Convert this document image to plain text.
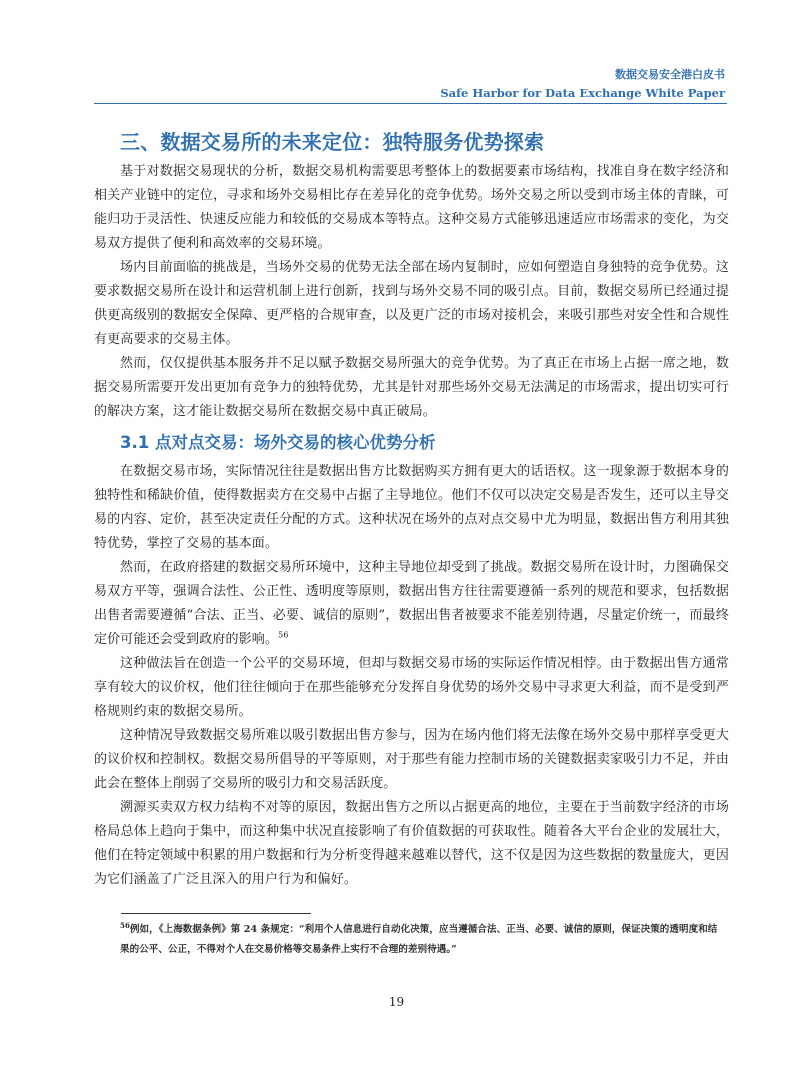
数据交易安全港白皮书
Safe Harbor for Data Exchange White Paper
三、数据交易所的未来定位：独特服务优势探索

基于对数据交易现状的分析，数据交易机构需要思考整体上的数据要素市场结构，找准自身在数字经济和相关产业链中的定位，寻求和场外交易相比存在差异化的竞争优势。场外交易之所以受到市场主体的青睐，可能归功于灵活性、快速反应能力和较低的交易成本等特点。这种交易方式能够迅速适应市场需求的变化，为交易双方提供了便利和高效率的交易环境。

场内目前面临的挑战是，当场外交易的优势无法全部在场内复制时，应如何塑造自身独特的竞争优势。这要求数据交易所在设计和运营机制上进行创新，找到与场外交易不同的吸引点。目前，数据交易所已经通过提供更高级别的数据安全保障、更严格的合规审查，以及更广泛的市场对接机会，来吸引那些对安全性和合规性有更高要求的交易主体。

然而，仅仅提供基本服务并不足以赋予数据交易所强大的竞争优势。为了真正在市场上占据一席之地，数据交易所需要开发出更加有竞争力的独特优势，尤其是针对那些场外交易无法满足的市场需求，提出切实可行的解决方案，这才能让数据交易所在数据交易中真正破局。

3.1 点对点交易：场外交易的核心优势分析

在数据交易市场，实际情况往往是数据出售方比数据购买方拥有更大的话语权。这一现象源于数据本身的独特性和稀缺价值，使得数据卖方在交易中占据了主导地位。他们不仅可以决定交易是否发生，还可以主导交易的内容、定价，甚至决定责任分配的方式。这种状况在场外的点对点交易中尤为明显，数据出售方利用其独特优势，掌控了交易的基本面。

然而，在政府搭建的数据交易所环境中，这种主导地位却受到了挑战。数据交易所在设计时，力图确保交易双方平等，强调合法性、公正性、透明度等原则，数据出售方往往需要遵循一系列的规范和要求，包括数据出售者需要遵循“合法、正当、必要、诚信的原则”，数据出售者被要求不能差别待遇，尽量定价统一，而最终定价可能还会受到政府的影响。$^{56}$

这种做法旨在创造一个公平的交易环境，但却与数据交易市场的实际运作情况相悖。由于数据出售方通常享有较大的议价权，他们往往倾向于在那些能够充分发挥自身优势的场外交易中寻求更大利益，而不是受到严格规则约束的数据交易所。

这种情况导致数据交易所难以吸引数据出售方参与，因为在场内他们将无法像在场外交易中那样享受更大的议价权和控制权。数据交易所倡导的平等原则，对于那些有能力控制市场的关键数据卖家吸引力不足，并由此会在整体上削弱了交易所的吸引力和交易活跃度。

溯源买卖双方权力结构不对等的原因，数据出售方之所以占据更高的地位，主要在于当前数字经济的市场格局总体上趋向于集中，而这种集中状况直接影响了有价值数据的可获取性。随着各大平台企业的发展壮大，他们在特定领域中积累的用户数据和行为分析变得越来越难以替代，这不仅是因为这些数据的数量庞大，更因为它们涵盖了广泛且深入的用户行为和偏好。

$^{56}$例如，《上海数据条例》第 24 条规定：“利用个人信息进行自动化决策，应当遵循合法、正当、必要、诚信的原则，保证决策的透明度和结果的公平、公正，不得对个人在交易价格等交易条件上实行不合理的差别待遇。”
19
